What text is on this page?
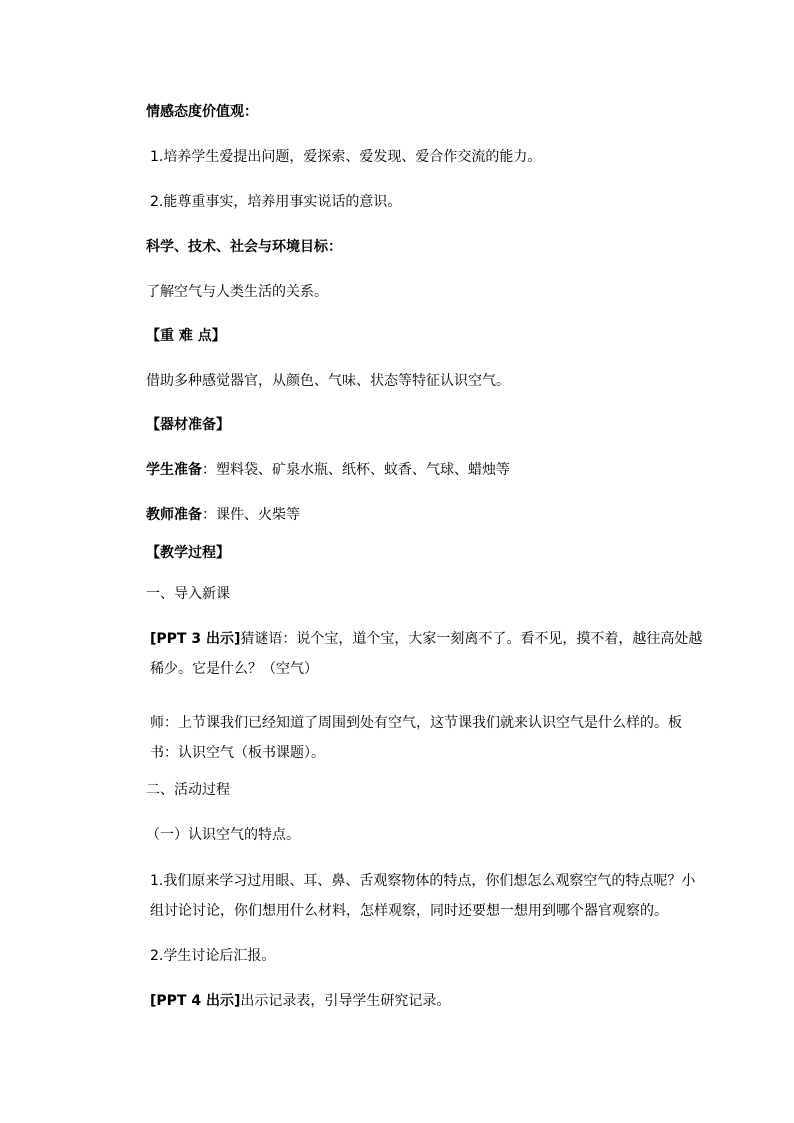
情感态度价值观：
1.培养学生爱提出问题，爱探索、爱发现、爱合作交流的能力。
2.能尊重事实，培养用事实说话的意识。
科学、技术、社会与环境目标：
了解空气与人类生活的关系。
【重 难 点】
借助多种感觉器官，从颜色、气味、状态等特征认识空气。
【器材准备】
学生准备：塑料袋、矿泉水瓶、纸杯、蚊香、气球、蜡烛等
教师准备：课件、火柴等
【教学过程】
一、导入新课
[PPT 3 出示]猜谜语：说个宝，道个宝，大家一刻离不了。看不见，摸不着，越往高处越稀少。它是什么？（空气）
师：上节课我们已经知道了周围到处有空气，这节课我们就来认识空气是什么样的。板书：认识空气（板书课题）。
二、活动过程
（一）认识空气的特点。
1.我们原来学习过用眼、耳、鼻、舌观察物体的特点，你们想怎么观察空气的特点呢？小组讨论讨论，你们想用什么材料，怎样观察，同时还要想一想用到哪个器官观察的。
2.学生讨论后汇报。
[PPT 4 出示]出示记录表，引导学生研究记录。
